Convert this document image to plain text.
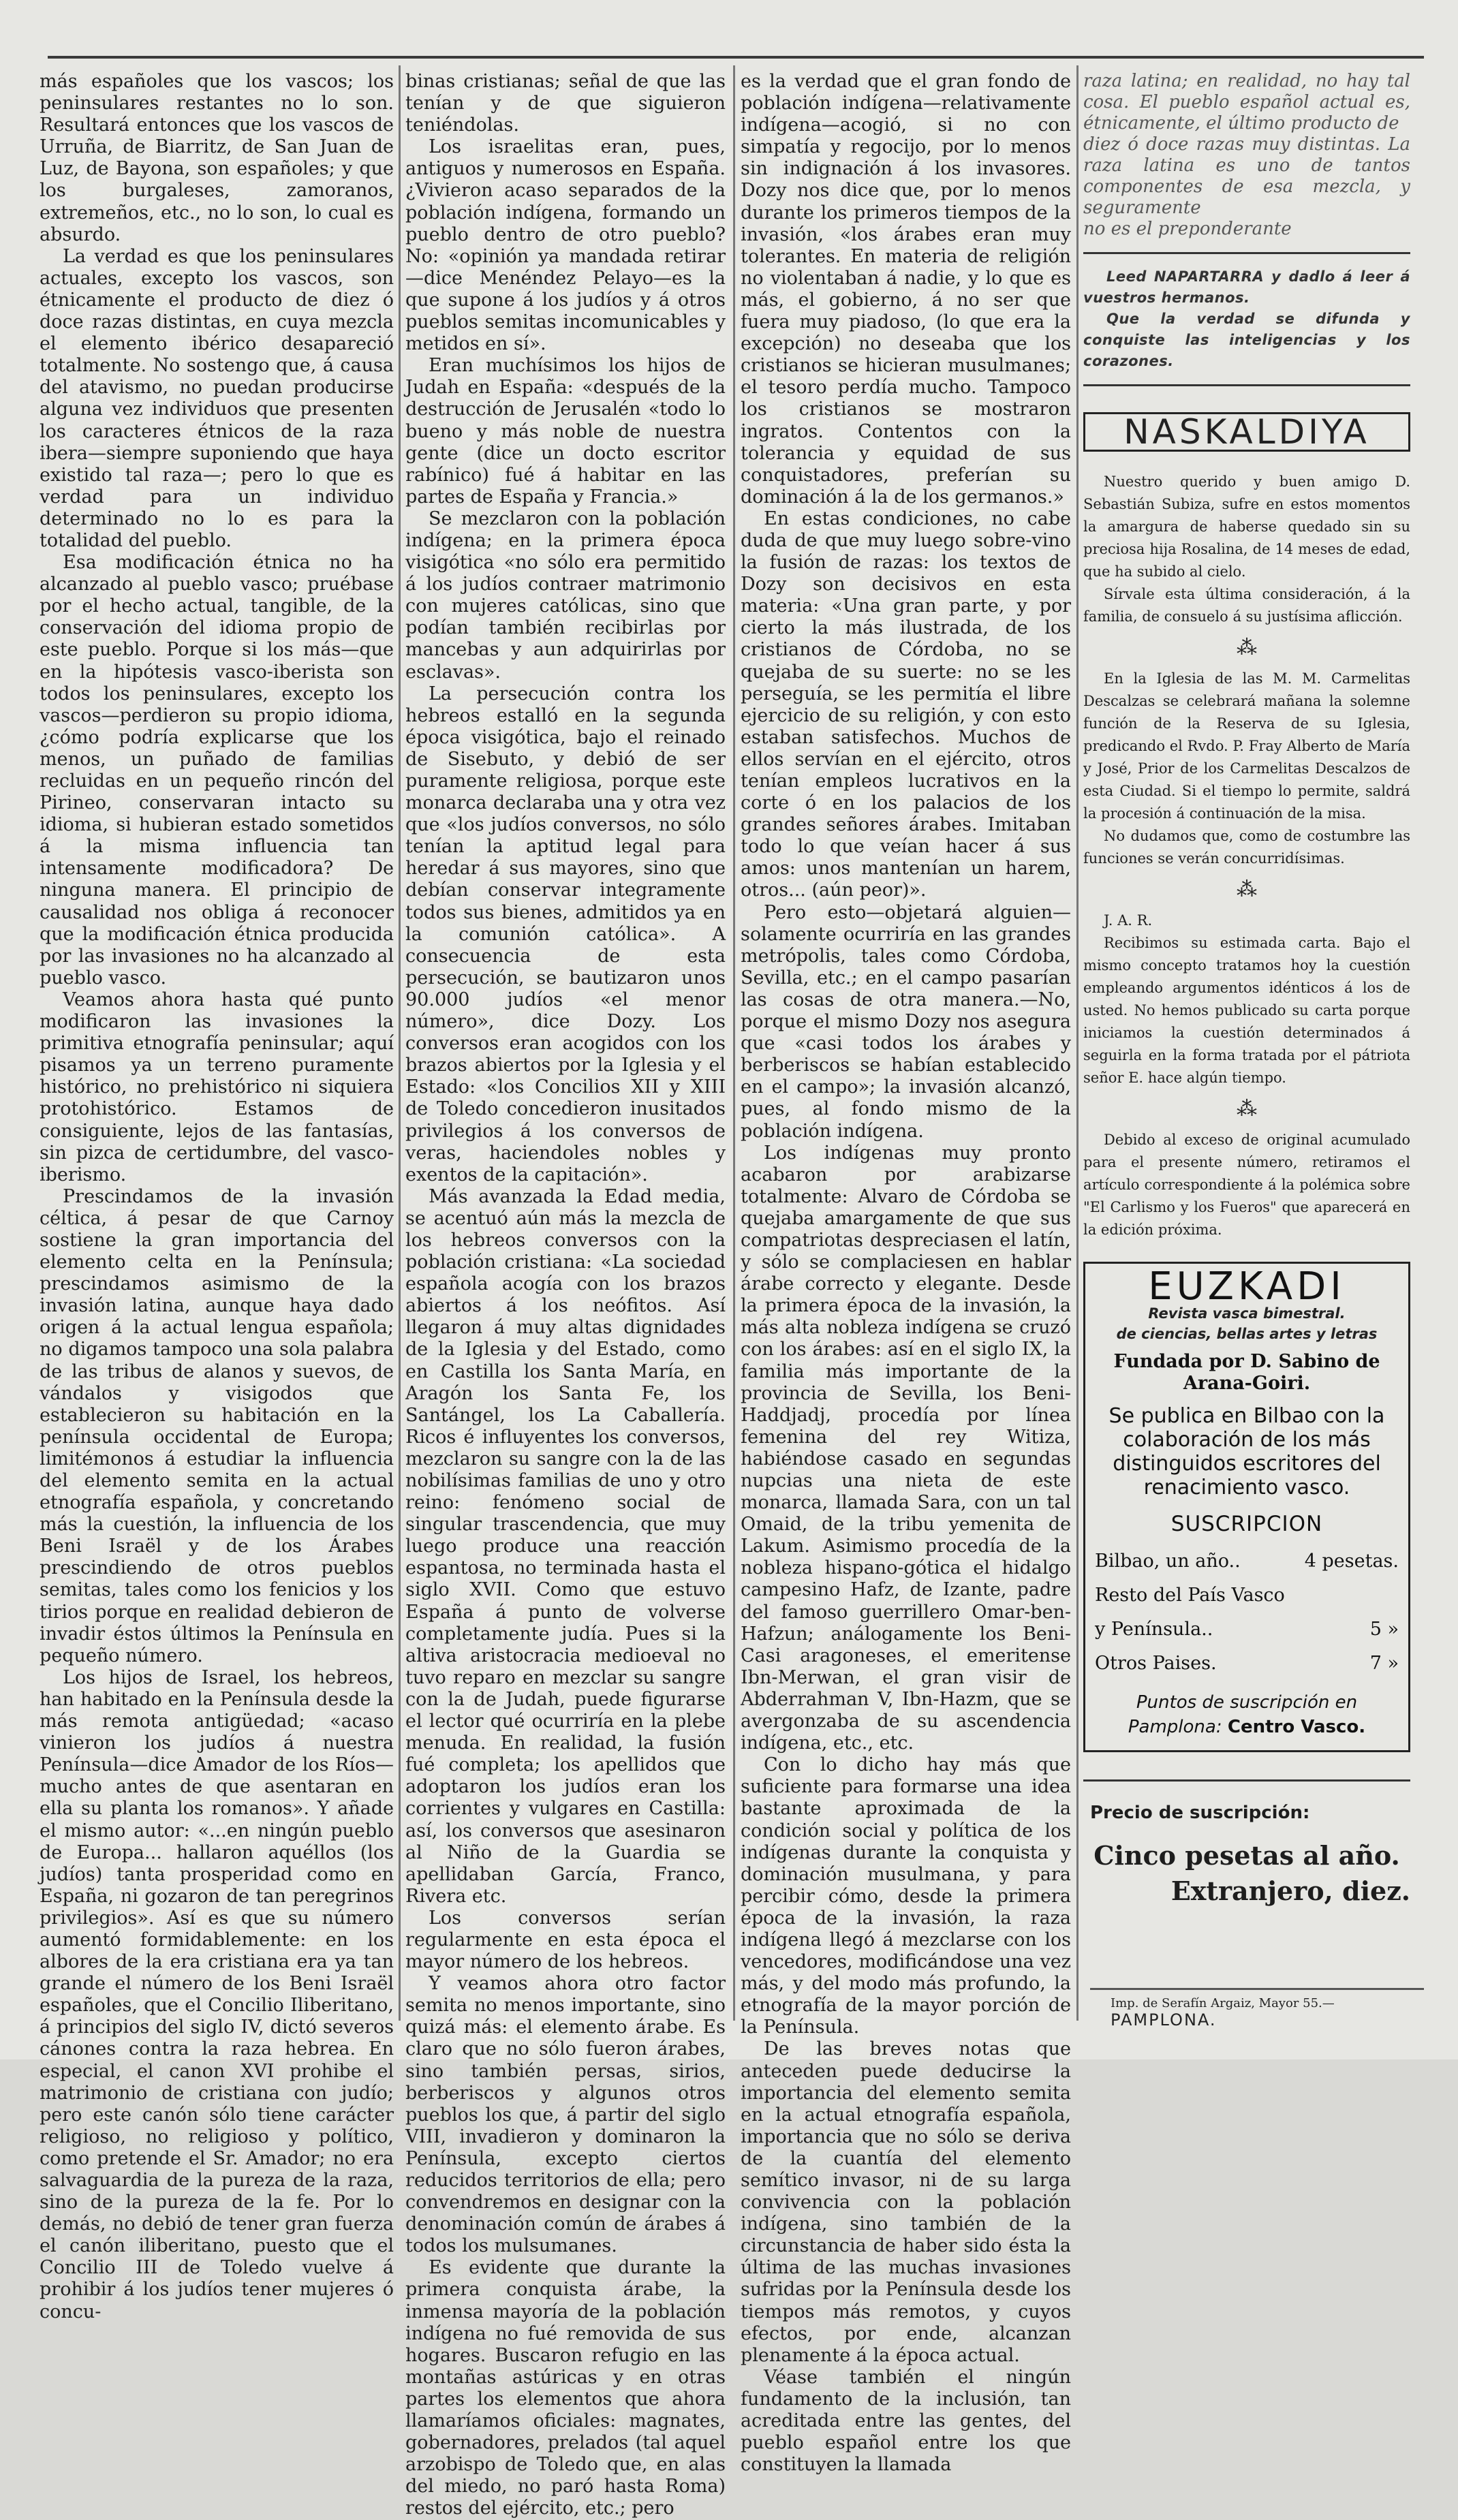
más españoles que los vascos; los peninsulares restantes no lo son. Resultará entonces que los vascos de Urruña, de Biarritz, de San Juan de Luz, de Bayona, son españoles; y que los burgaleses, zamoranos, extremeños, etc., no lo son, lo cual es absurdo.

La verdad es que los peninsulares actuales, excepto los vascos, son étnicamente el producto de diez ó doce razas distintas, en cuya mezcla el elemento ibérico desapareció totalmente. No sostengo que, á causa del atavismo, no puedan producirse alguna vez individuos que presenten los caracteres étnicos de la raza ibera—siempre suponiendo que haya existido tal raza—; pero lo que es verdad para un individuo determinado no lo es para la totalidad del pueblo.

Esa modificación étnica no ha alcanzado al pueblo vasco; pruébase por el hecho actual, tangible, de la conservación del idioma propio de este pueblo. Porque si los más—que en la hipótesis vasco-iberista son todos los peninsulares, excepto los vascos—perdieron su propio idioma, ¿cómo podría explicarse que los menos, un puñado de familias recluidas en un pequeño rincón del Pirineo, conservaran intacto su idioma, si hubieran estado sometidos á la misma influencia tan intensamente modificadora? De ninguna manera. El principio de causalidad nos obliga á reconocer que la modificación étnica producida por las invasiones no ha alcanzado al pueblo vasco.

Veamos ahora hasta qué punto modificaron las invasiones la primitiva etnografía peninsular; aquí pisamos ya un terreno puramente histórico, no prehistórico ni siquiera protohistórico. Estamos de consiguiente, lejos de las fantasías, sin pizca de certidumbre, del vasco-iberismo.

Prescindamos de la invasión céltica, á pesar de que Carnoy sostiene la gran importancia del elemento celta en la Península; prescindamos asimismo de la invasión latina, aunque haya dado origen á la actual lengua española; no digamos tampoco una sola palabra de las tribus de alanos y suevos, de vándalos y visigodos que establecieron su habitación en la península occidental de Europa; limitémonos á estudiar la influencia del elemento semita en la actual etnografía española, y concretando más la cuestión, la influencia de los Beni Israël y de los Árabes prescindiendo de otros pueblos semitas, tales como los fenicios y los tirios porque en realidad debieron de invadir éstos últimos la Península en pequeño número.

Los hijos de Israel, los hebreos, han habitado en la Península desde la más remota antigüedad; «acaso vinieron los judíos á nuestra Península—dice Amador de los Ríos—mucho antes de que asentaran en ella su planta los romanos». Y añade el mismo autor: «...en ningún pueblo de Europa... hallaron aquéllos (los judíos) tanta prosperidad como en España, ni gozaron de tan peregrinos privilegios». Así es que su número aumentó formidablemente: en los albores de la era cristiana era ya tan grande el número de los Beni Israël españoles, que el Concilio Iliberitano, á principios del siglo IV, dictó severos cánones contra la raza hebrea. En especial, el canon XVI prohibe el matrimonio de cristiana con judío; pero este canón sólo tiene carácter religioso, no religioso y político, como pretende el Sr. Amador; no era salvaguardia de la pureza de la raza, sino de la pureza de la fe. Por lo demás, no debió de tener gran fuerza el canón iliberitano, puesto que el Concilio III de Toledo vuelve á prohibir á los judíos tener mujeres ó concu-

binas cristianas; señal de que las tenían y de que siguieron teniéndolas.

Los israelitas eran, pues, antiguos y numerosos en España. ¿Vivieron acaso separados de la población indígena, formando un pueblo dentro de otro pueblo? No: «opinión ya mandada retirar—dice Menéndez Pelayo—es la que supone á los judíos y á otros pueblos semitas incomunicables y metidos en sí».

Eran muchísimos los hijos de Judah en España: «después de la destrucción de Jerusalén «todo lo bueno y más noble de nuestra gente (dice un docto escritor rabínico) fué á habitar en las partes de España y Francia.»

Se mezclaron con la población indígena; en la primera época visigótica «no sólo era permitido á los judíos contraer matrimonio con mujeres católicas, sino que podían también recibirlas por mancebas y aun adquirirlas por esclavas».

La persecución contra los hebreos estalló en la segunda época visigótica, bajo el reinado de Sisebuto, y debió de ser puramente religiosa, porque este monarca declaraba una y otra vez que «los judíos conversos, no sólo tenían la aptitud legal para heredar á sus mayores, sino que debían conservar integramente todos sus bienes, admitidos ya en la comunión católica». A consecuencia de esta persecución, se bautizaron unos 90.000 judíos «el menor número», dice Dozy. Los conversos eran acogidos con los brazos abiertos por la Iglesia y el Estado: «los Concilios XII y XIII de Toledo concedieron inusitados privilegios á los conversos de veras, haciendoles nobles y exentos de la capitación».

Más avanzada la Edad media, se acentuó aún más la mezcla de los hebreos conversos con la población cristiana: «La sociedad española acogía con los brazos abiertos á los neófitos. Así llegaron á muy altas dignidades de la Iglesia y del Estado, como en Castilla los Santa María, en Aragón los Santa Fe, los Santángel, los La Caballería. Ricos é influyentes los conversos, mezclaron su sangre con la de las nobilísimas familias de uno y otro reino: fenómeno social de singular trascendencia, que muy luego produce una reacción espantosa, no terminada hasta el siglo XVII. Como que estuvo España á punto de volverse completamente judía. Pues si la altiva aristocracia medioeval no tuvo reparo en mezclar su sangre con la de Judah, puede figurarse el lector qué ocurriría en la plebe menuda. En realidad, la fusión fué completa; los apellidos que adoptaron los judíos eran los corrientes y vulgares en Castilla: así, los conversos que asesinaron al Niño de la Guardia se apellidaban García, Franco, Rivera etc.

Los conversos serían regularmente en esta época el mayor número de los hebreos.

Y veamos ahora otro factor semita no menos importante, sino quizá más: el elemento árabe. Es claro que no sólo fueron árabes, sino también persas, sirios, berberiscos y algunos otros pueblos los que, á partir del siglo VIII, invadieron y dominaron la Península, excepto ciertos reducidos territorios de ella; pero convendremos en designar con la denominación común de árabes á todos los mulsumanes.

Es evidente que durante la primera conquista árabe, la inmensa mayoría de la población indígena no fué removida de sus hogares. Buscaron refugio en las montañas astúricas y en otras partes los elementos que ahora llamaríamos oficiales: magnates, gobernadores, prelados (tal aquel arzobispo de Toledo que, en alas del miedo, no paró hasta Roma) restos del ejército, etc.; pero

es la verdad que el gran fondo de población indígena—relativamente indígena—acogió, si no con simpatía y regocijo, por lo menos sin indignación á los invasores. Dozy nos dice que, por lo menos durante los primeros tiempos de la invasión, «los árabes eran muy tolerantes. En materia de religión no violentaban á nadie, y lo que es más, el gobierno, á no ser que fuera muy piadoso, (lo que era la excepción) no deseaba que los cristianos se hicieran musulmanes; el tesoro perdía mucho. Tampoco los cristianos se mostraron ingratos. Contentos con la tolerancia y equidad de sus conquistadores, preferían su dominación á la de los germanos.»

En estas condiciones, no cabe duda de que muy luego sobre-vino la fusión de razas: los textos de Dozy son decisivos en esta materia: «Una gran parte, y por cierto la más ilustrada, de los cristianos de Córdoba, no se quejaba de su suerte: no se les perseguía, se les permitía el libre ejercicio de su religión, y con esto estaban satisfechos. Muchos de ellos servían en el ejército, otros tenían empleos lucrativos en la corte ó en los palacios de los grandes señores árabes. Imitaban todo lo que veían hacer á sus amos: unos mantenían un harem, otros... (aún peor)».

Pero esto—objetará alguien—solamente ocurriría en las grandes metrópolis, tales como Córdoba, Sevilla, etc.; en el campo pasarían las cosas de otra manera.—No, porque el mismo Dozy nos asegura que «casi todos los árabes y berberiscos se habían establecido en el campo»; la invasión alcanzó, pues, al fondo mismo de la población indígena.

Los indígenas muy pronto acabaron por arabizarse totalmente: Alvaro de Córdoba se quejaba amargamente de que sus compatriotas despreciasen el latín, y sólo se complaciesen en hablar árabe correcto y elegante. Desde la primera época de la invasión, la más alta nobleza indígena se cruzó con los árabes: así en el siglo IX, la familia más importante de la provincia de Sevilla, los Beni-Haddjadj, procedía por línea femenina del rey Witiza, habiéndose casado en segundas nupcias una nieta de este monarca, llamada Sara, con un tal Omaid, de la tribu yemenita de Lakum. Asimismo procedía de la nobleza hispano-gótica el hidalgo campesino Hafz, de Izante, padre del famoso guerrillero Omar-ben-Hafzun; análogamente los Beni-Casi aragoneses, el emeritense Ibn-Merwan, el gran visir de Abderrahman V, Ibn-Hazm, que se avergonzaba de su ascendencia indígena, etc., etc.

Con lo dicho hay más que suficiente para formarse una idea bastante aproximada de la condición social y política de los indígenas durante la conquista y dominación musulmana, y para percibir cómo, desde la primera época de la invasión, la raza indígena llegó á mezclarse con los vencedores, modificándose una vez más, y del modo más profundo, la etnografía de la mayor porción de la Península.

De las breves notas que anteceden puede deducirse la importancia del elemento semita en la actual etnografía española, importancia que no sólo se deriva de la cuantía del elemento semítico invasor, ni de su larga convivencia con la población indígena, sino también de la circunstancia de haber sido ésta la última de las muchas invasiones sufridas por la Península desde los tiempos más remotos, y cuyos efectos, por ende, alcanzan plenamente á la época actual.

Véase también el ningún fundamento de la inclusión, tan acreditada entre las gentes, del pueblo español entre los que constituyen la llamada

raza latina; en realidad, no hay tal cosa. El pueblo español actual es, étnicamente, el último producto de
diez ó doce razas muy distintas. La raza latina es uno de tantos componentes de esa mezcla, y seguramente
no es el preponderante

Leed NAPARTARRA y dadlo á leer á vuestros hermanos.

Que la verdad se difunda y conquiste las inteligencias y los corazones.

NASKALDIYA

Nuestro querido y buen amigo D. Sebastián Subiza, sufre en estos momentos la amargura de haberse quedado sin su preciosa hija Rosalina, de 14 meses de edad, que ha subido al cielo.

Sírvale esta última consideración, á la familia, de consuelo á su justísima aflicción.

⁂

En la Iglesia de las M. M. Carmelitas Descalzas se celebrará mañana la solemne función de la Reserva de su Iglesia, predicando el Rvdo. P. Fray Alberto de María y José, Prior de los Carmelitas Descalzos de esta Ciudad. Si el tiempo lo permite, saldrá la procesión á continuación de la misa.

No dudamos que, como de costumbre las funciones se verán concurridísimas.

⁂

J. A. R.

Recibimos su estimada carta. Bajo el mismo concepto tratamos hoy la cuestión empleando argumentos idénticos á los de usted. No hemos publicado su carta porque iniciamos la cuestión determinados á seguirla en la forma tratada por el pátriota señor E. hace algún tiempo.

⁂

Debido al exceso de original acumulado para el presente número, retiramos el artículo correspondiente á la polémica sobre "El Carlismo y los Fueros" que aparecerá en la edición próxima.

EUZKADI
Revista vasca bimestral.
de ciencias, bellas artes y letras
Fundada por D. Sabino de Arana-Goiri.
Se publica en Bilbao con la colaboración de los más distinguidos escritores del renacimiento vasco.
SUSCRIPCION
Bilbao, un año..	4 pesetas.
Resto del País Vasco
y Península..	5 »
Otros Paises.	7 »
Puntos de suscripción en Pamplona: Centro Vasco.
Precio de suscripción:
Cinco pesetas al año.
Extranjero, diez.
Imp. de Serafín Argaiz, Mayor 55.— PAMPLONA.
